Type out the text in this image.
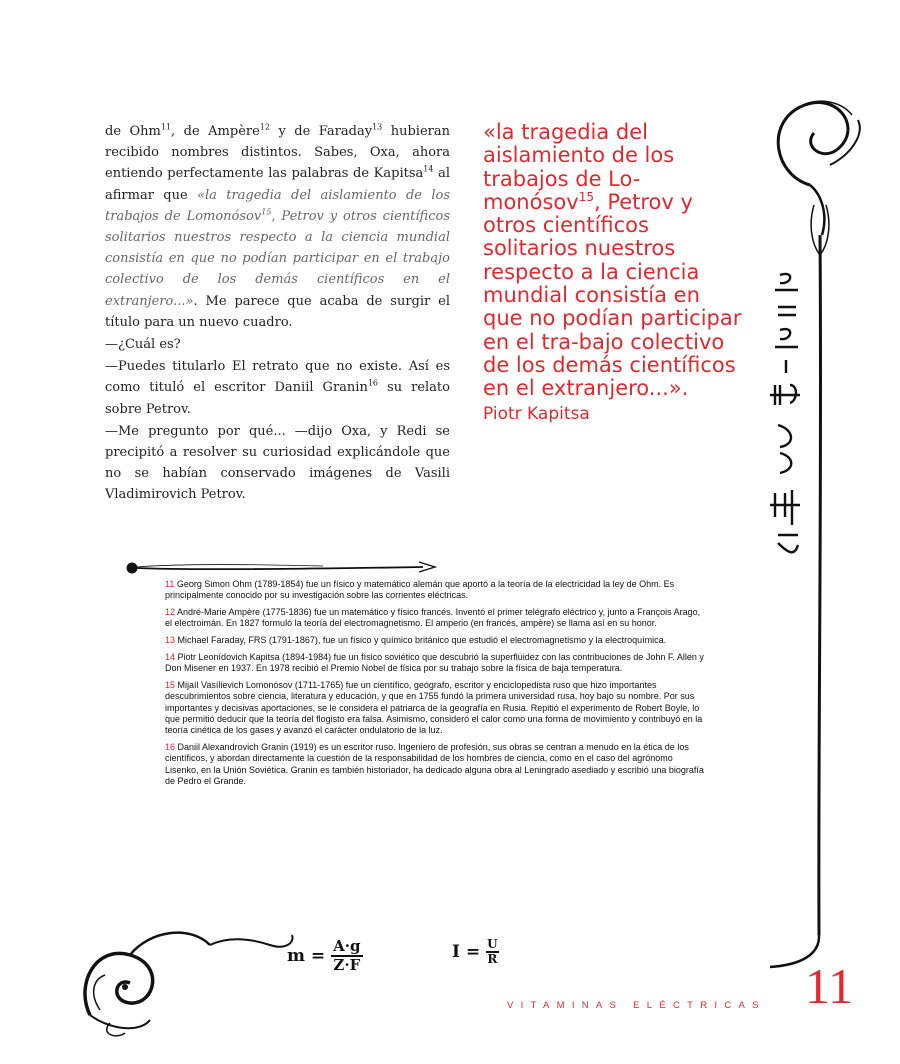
de Ohm$^{11}$, de Ampère$^{12}$ y de Faraday$^{13}$ hubieran recibido nombres distintos. Sabes, Oxa, ahora entiendo perfectamente las palabras de Kapitsa$^{14}$ al afirmar que «la tragedia del aislamiento de los trabajos de Lomonósov$^{15}$, Petrov y otros científicos solitarios nuestros respecto a la ciencia mundial consistía en que no podían participar en el trabajo colectivo de los demás científicos en el extranjero...». Me parece que acaba de surgir el título para un nuevo cuadro.

—¿Cuál es?

—Puedes titularlo El retrato que no existe. Así es como tituló el escritor Daniil Granin$^{16}$ su relato sobre Petrov.

—Me pregunto por qué... —dijo Oxa, y Redi se precipitó a resolver su curiosidad explicándole que no se habían conservado imágenes de Vasili Vladimirovich Petrov.

«la tragedia del aislamiento de los trabajos de Lo-monósov$^{15}$, Petrov y otros científicos solitarios nuestros respecto a la ciencia mundial consistía en que no podían participar en el tra-bajo colectivo de los demás científicos en el extranjero...».
Piotr Kapitsa
11 Georg Simon Ohm (1789-1854) fue un físico y matemático alemán que aportó a la teoría de la electricidad la ley de Ohm. Es principalmente conocido por su investigación sobre las corrientes eléctricas.
12 André-Marie Ampère (1775-1836) fue un matemático y físico francés. Inventó el primer telégrafo eléctrico y, junto a François Arago, el electroimán. En 1827 formuló la teoría del electromagnetismo. El amperio (en francés, ampère) se llama así en su honor.
13 Michael Faraday, FRS (1791-1867), fue un físico y químico británico que estudió el electromagnetismo y la electroquímica.
14 Piotr Leonídovich Kapitsa (1894-1984) fue un físico soviético que descubrió la superfluidez con las contribuciones de John F. Allen y Don Misener en 1937. En 1978 recibió el Premio Nobel de física por su trabajo sobre la física de baja temperatura.
15 Mijaíl Vasílievich Lomonósov (1711-1765) fue un científico, geógrafo, escritor y enciclopedista ruso que hizo importantes descubrimientos sobre ciencia, literatura y educación, y que en 1755 fundó la primera universidad rusa, hoy bajo su nombre. Por sus importantes y decisivas aportaciones, se le considera el patriarca de la geografía en Rusia. Repitió el experimento de Robert Boyle, lo que permitió deducir que la teoría del flogisto era falsa. Asimismo, consideró el calor como una forma de movimiento y contribuyó en la teoría cinética de los gases y avanzó el carácter ondulatorio de la luz.
16 Daniil Alexandrovich Granin (1919) es un escritor ruso. Ingeniero de profesión, sus obras se centran a menudo en la ética de los científicos, y abordan directamente la cuestión de la responsabilidad de los hombres de ciencia, como en el caso del agrónomo Lisenko, en la Unión Soviética. Granin es también historiador, ha dedicado alguna obra al Leningrado asediado y escribió una biografía de Pedro el Grande.
$m = \frac{A\cdot g}{Z\cdot F}$	$I = \frac{U}{R}$
VITAMINAS ELÉCTRICAS 11
